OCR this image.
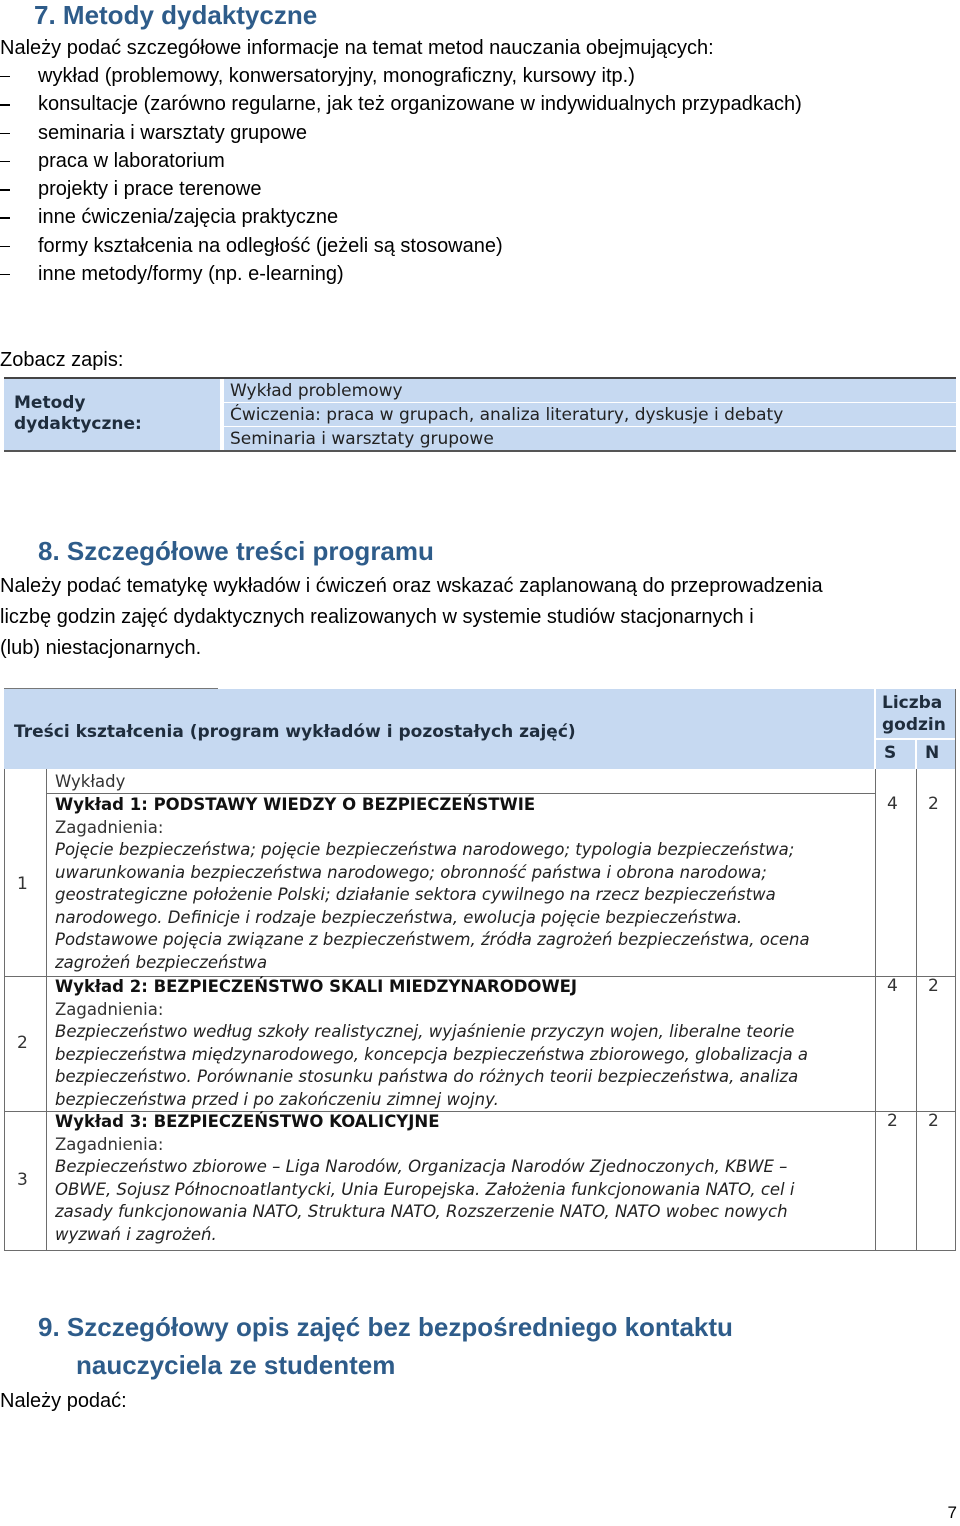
7. Metody dydaktyczne

Należy podać szczegółowe informacje na temat metod nauczania obejmujących:

wykład (problemowy, konwersatoryjny, monograficzny, kursowy itp.)
konsultacje (zarówno regularne, jak też organizowane w indywidualnych przypadkach)
seminaria i warsztaty grupowe
praca w laboratorium
projekty i prace terenowe
inne ćwiczenia/zajęcia praktyczne
formy kształcenia na odległość (jeżeli są stosowane)
inne metody/formy (np. e-learning)

Zobacz zapis:

Metody
dydaktyczne:
Wykład problemowy
Ćwiczenia: praca w grupach, analiza literatury, dyskusje i debaty
Seminaria i warsztaty grupowe
8. Szczegółowe treści programu

Należy podać tematykę wykładów i ćwiczeń oraz wskazać zaplanowaną do przeprowadzenia

liczbę godzin zajęć dydaktycznych realizowanych w systemie studiów stacjonarnych i

(lub) niestacjonarnych.

Treści kształcenia (program wykładów i pozostałych zajęć)
Liczba
godzin
S N
Wykłady
Wykład 1: PODSTAWY WIEDZY O BEZPIECZEŃSTWIE
Zagadnienia:
Pojęcie bezpieczeństwa; pojęcie bezpieczeństwa narodowego; typologia bezpieczeństwa;
uwarunkowania bezpieczeństwa narodowego; obronność państwa i obrona narodowa;
geostrategiczne położenie Polski; działanie sektora cywilnego na rzecz bezpieczeństwa
narodowego. Definicje i rodzaje bezpieczeństwa, ewolucja pojęcie bezpieczeństwa.
Podstawowe pojęcia związane z bezpieczeństwem, źródła zagrożeń bezpieczeństwa, ocena
zagrożeń bezpieczeństwa
1
4 2
Wykład 2: BEZPIECZEŃSTWO SKALI MIEDZYNARODOWEJ
Zagadnienia:
Bezpieczeństwo według szkoły realistycznej, wyjaśnienie przyczyn wojen, liberalne teorie
bezpieczeństwa międzynarodowego, koncepcja bezpieczeństwa zbiorowego, globalizacja a
bezpieczeństwo. Porównanie stosunku państwa do różnych teorii bezpieczeństwa, analiza
bezpieczeństwa przed i po zakończeniu zimnej wojny.
2
4 2
Wykład 3: BEZPIECZEŃSTWO KOALICYJNE
Zagadnienia:
Bezpieczeństwo zbiorowe – Liga Narodów, Organizacja Narodów Zjednoczonych, KBWE –
OBWE, Sojusz Północnoatlantycki, Unia Europejska. Założenia funkcjonowania NATO, cel i
zasady funkcjonowania NATO, Struktura NATO, Rozszerzenie NATO, NATO wobec nowych
wyzwań i zagrożeń.
3
2 2
9. Szczegółowy opis zajęć bez bezpośredniego kontaktu
nauczyciela ze studentem

Należy podać:

7
